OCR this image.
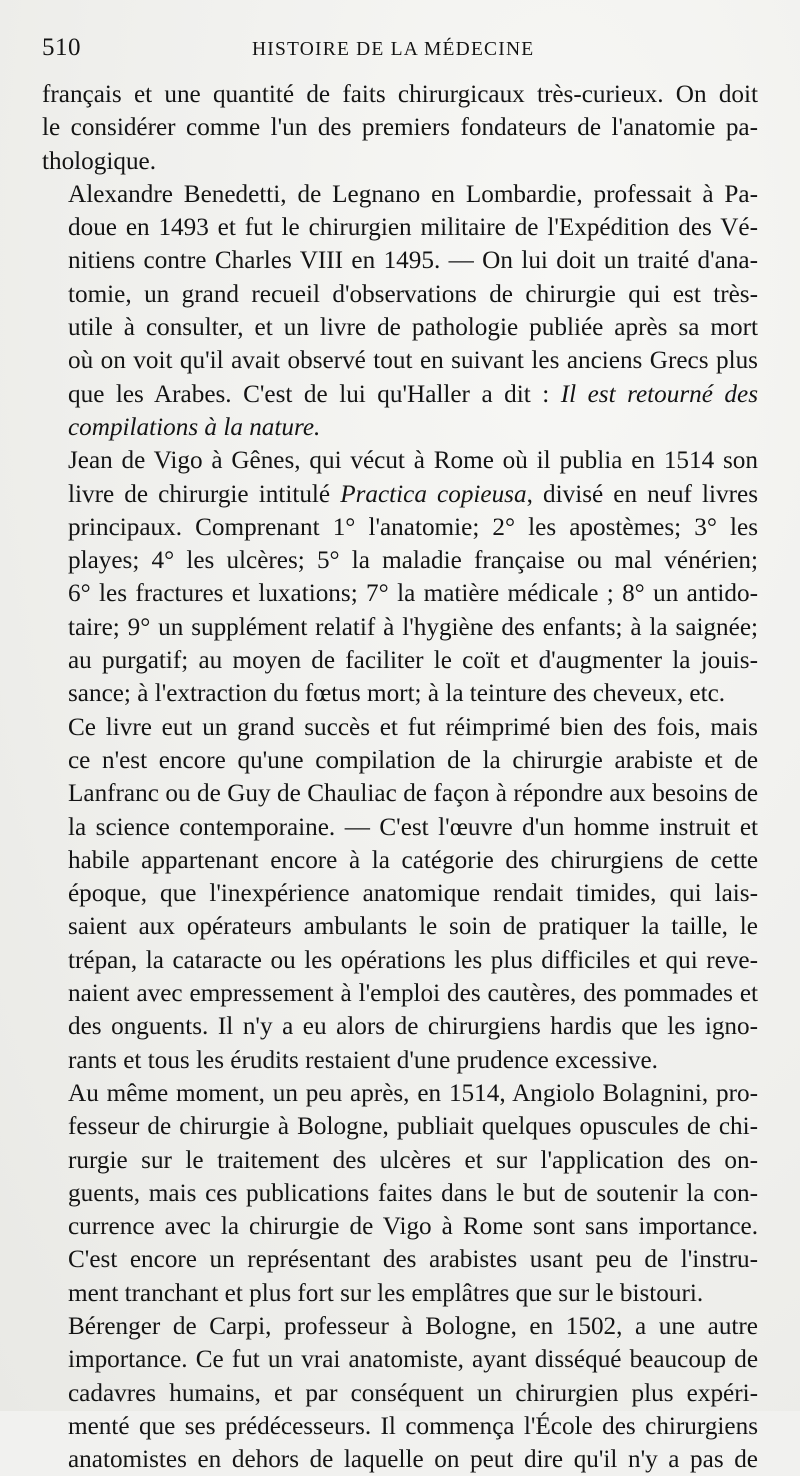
510	HISTOIRE DE LA MÉDECINE

français et une quantité de faits chirurgicaux très-curieux. On doit
le considérer comme l'un des premiers fondateurs de l'anatomie pa-
thologique.

Alexandre Benedetti, de Legnano en Lombardie, professait à Pa-
doue en 1493 et fut le chirurgien militaire de l'Expédition des Vé-
nitiens contre Charles VIII en 1495. — On lui doit un traité d'ana-
tomie, un grand recueil d'observations de chirurgie qui est très-
utile à consulter, et un livre de pathologie publiée après sa mort
où on voit qu'il avait observé tout en suivant les anciens Grecs plus
que les Arabes. C'est de lui qu'Haller a dit : Il est retourné des
compilations à la nature.

Jean de Vigo à Gênes, qui vécut à Rome où il publia en 1514 son
livre de chirurgie intitulé Practica copieusa, divisé en neuf livres
principaux. Comprenant 1° l'anatomie; 2° les apostèmes; 3° les
playes; 4° les ulcères; 5° la maladie française ou mal vénérien;
6° les fractures et luxations; 7° la matière médicale ; 8° un antido-
taire; 9° un supplément relatif à l'hygiène des enfants; à la saignée;
au purgatif; au moyen de faciliter le coït et d'augmenter la jouis-
sance; à l'extraction du fœtus mort; à la teinture des cheveux, etc.

Ce livre eut un grand succès et fut réimprimé bien des fois, mais
ce n'est encore qu'une compilation de la chirurgie arabiste et de
Lanfranc ou de Guy de Chauliac de façon à répondre aux besoins de
la science contemporaine. — C'est l'œuvre d'un homme instruit et
habile appartenant encore à la catégorie des chirurgiens de cette
époque, que l'inexpérience anatomique rendait timides, qui lais-
saient aux opérateurs ambulants le soin de pratiquer la taille, le
trépan, la cataracte ou les opérations les plus difficiles et qui reve-
naient avec empressement à l'emploi des cautères, des pommades et
des onguents. Il n'y a eu alors de chirurgiens hardis que les igno-
rants et tous les érudits restaient d'une prudence excessive.

Au même moment, un peu après, en 1514, Angiolo Bolagnini, pro-
fesseur de chirurgie à Bologne, publiait quelques opuscules de chi-
rurgie sur le traitement des ulcères et sur l'application des on-
guents, mais ces publications faites dans le but de soutenir la con-
currence avec la chirurgie de Vigo à Rome sont sans importance.
C'est encore un représentant des arabistes usant peu de l'instru-
ment tranchant et plus fort sur les emplâtres que sur le bistouri.

Bérenger de Carpi, professeur à Bologne, en 1502, a une autre
importance. Ce fut un vrai anatomiste, ayant disséqué beaucoup de
cadavres humains, et par conséquent un chirurgien plus expéri-
menté que ses prédécesseurs. Il commença l'École des chirurgiens
anatomistes en dehors de laquelle on peut dire qu'il n'y a pas de
